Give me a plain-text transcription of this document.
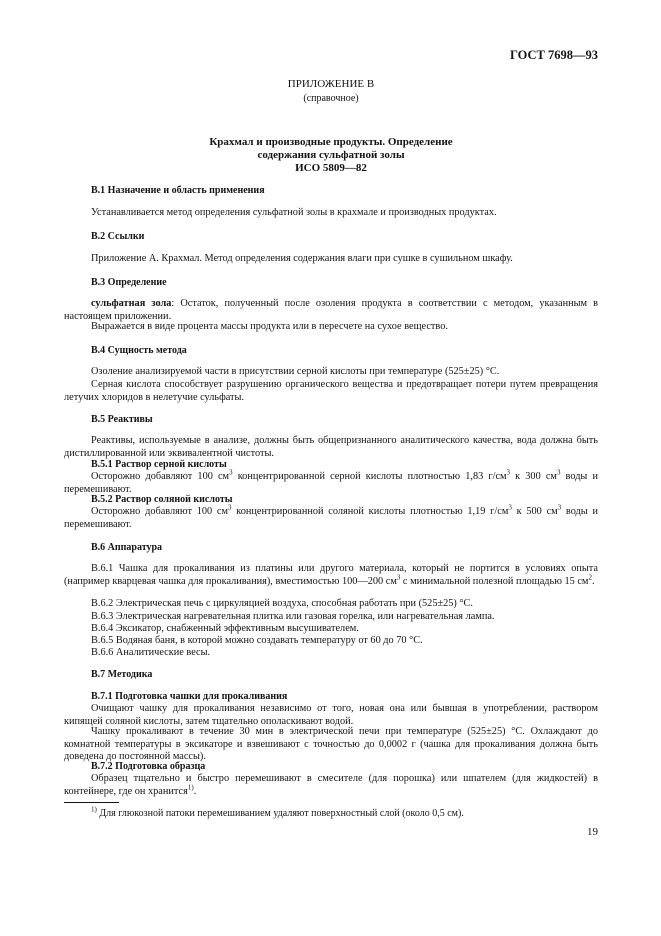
ГОСТ 7698—93
ПРИЛОЖЕНИЕ В
(справочное)
Крахмал и производные продукты. Определение
содержания сульфатной золы
ИСО 5809—82
В.1 Назначение и область применения
Устанавливается метод определения сульфатной золы в крахмале и производных продуктах.
В.2 Ссылки
Приложение А. Крахмал. Метод определения содержания влаги при сушке в сушильном шкафу.
В.3 Определение
сульфатная зола: Остаток, полученный после озоления продукта в соответствии с методом, указанным в настоящем приложении.
Выражается в виде процента массы продукта или в пересчете на сухое вещество.
В.4 Сущность метода
Озоление анализируемой части в присутствии серной кислоты при температуре (525±25) °С.
Серная кислота способствует разрушению органического вещества и предотвращает потери путем превращения летучих хлоридов в нелетучие сульфаты.
В.5 Реактивы
Реактивы, используемые в анализе, должны быть общепризнанного аналитического качества, вода должна быть дистиллированной или эквивалентной чистоты.
В.5.1 Раствор серной кислоты
Осторожно добавляют 100 $см^3$ концентрированной серной кислоты плотностью 1,83 $г/см^3$ к 300 $см^3$ воды и перемешивают.
В.5.2 Раствор соляной кислоты
Осторожно добавляют 100 $см^3$ концентрированной соляной кислоты плотностью 1,19 $г/см^3$ к 500 $см^3$ воды и перемешивают.
В.6 Аппаратура
В.6.1 Чашка для прокаливания из платины или другого материала, который не портится в условиях опыта (например кварцевая чашка для прокаливания), вместимостью 100—200 $см^3$ с минимальной полезной площадью 15 $см^2$.
В.6.2 Электрическая печь с циркуляцией воздуха, способная работать при (525±25) °С.
В.6.3 Электрическая нагревательная плитка или газовая горелка, или нагревательная лампа.
В.6.4 Эксикатор, снабженный эффективным высушивателем.
В.6.5 Водяная баня, в которой можно создавать температуру от 60 до 70 °С.
В.6.6 Аналитические весы.
В.7 Методика
В.7.1 Подготовка чашки для прокаливания
Очищают чашку для прокаливания независимо от того, новая она или бывшая в употреблении, раствором кипящей соляной кислоты, затем тщательно ополаскивают водой.
Чашку прокаливают в течение 30 мин в электрической печи при температуре (525±25) °С. Охлаждают до комнатной температуры в эксикаторе и взвешивают с точностью до 0,0002 г (чашка для прокаливания должна быть доведена до постоянной массы).
В.7.2 Подготовка образца
Образец тщательно и быстро перемешивают в смесителе (для порошка) или шпателем (для жидкостей) в контейнере, где он хранится$^{1)}$.
$^{1)}$ Для глюкозной патоки перемешиванием удаляют поверхностный слой (около 0,5 см).
19
